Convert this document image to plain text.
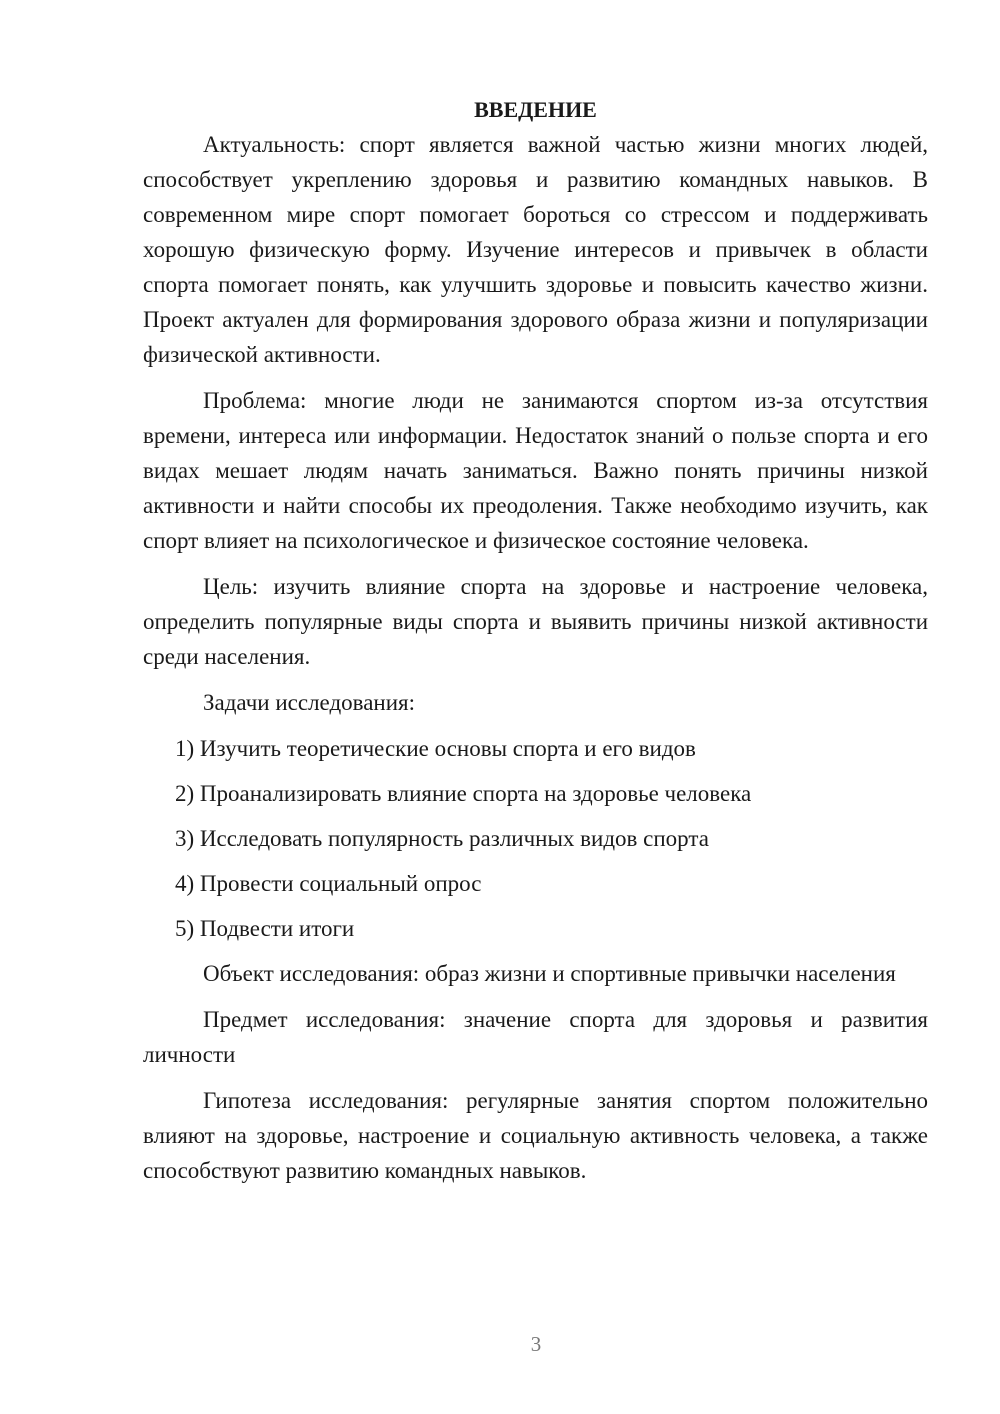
ВВЕДЕНИЕ

Актуальность: спорт является важной частью жизни многих людей, способствует укреплению здоровья и развитию командных навыков. В современном мире спорт помогает бороться со стрессом и поддерживать хорошую физическую форму. Изучение интересов и привычек в области спорта помогает понять, как улучшить здоровье и повысить качество жизни. Проект актуален для формирования здорового образа жизни и популяризации физической активности.

Проблема: многие люди не занимаются спортом из-за отсутствия времени, интереса или информации. Недостаток знаний о пользе спорта и его видах мешает людям начать заниматься. Важно понять причины низкой активности и найти способы их преодоления. Также необходимо изучить, как спорт влияет на психологическое и физическое состояние человека.

Цель: изучить влияние спорта на здоровье и настроение человека, определить популярные виды спорта и выявить причины низкой активности среди населения.

Задачи исследования:

1) Изучить теоретические основы спорта и его видов
2) Проанализировать влияние спорта на здоровье человека
3) Исследовать популярность различных видов спорта
4) Провести социальный опрос
5) Подвести итоги

Объект исследования: образ жизни и спортивные привычки населения

Предмет исследования: значение спорта для здоровья и развития личности

Гипотеза исследования: регулярные занятия спортом положительно влияют на здоровье, настроение и социальную активность человека, а также способствуют развитию командных навыков.

3
